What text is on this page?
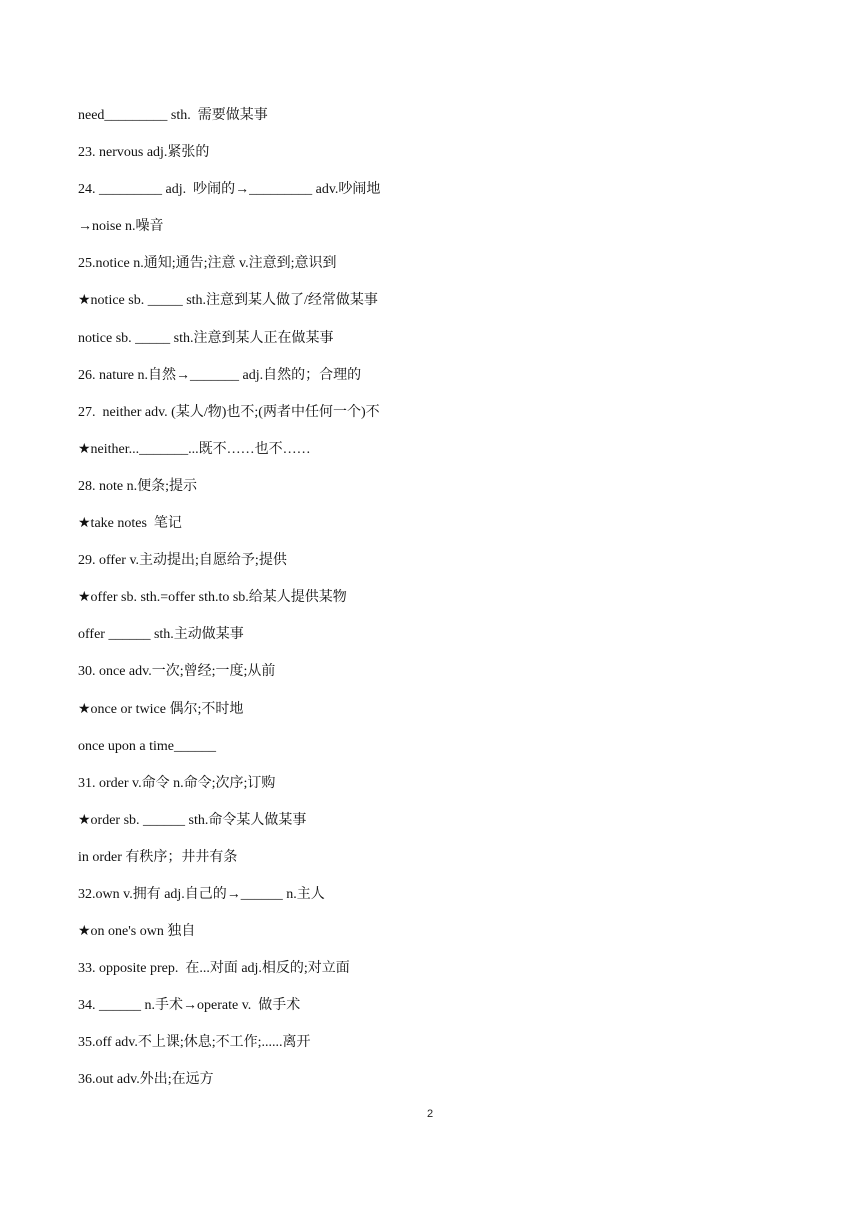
need_________ sth.  需要做某事
23. nervous adj.紧张的
24. _________ adj.  吵闹的→_________ adv.吵闹地
→noise n.噪音
25.notice n.通知;通告;注意 v.注意到;意识到
★notice sb. _____ sth.注意到某人做了/经常做某事
notice sb. _____ sth.注意到某人正在做某事
26. nature n.自然→_______ adj.自然的；合理的
27.  neither adv. (某人/物)也不;(两者中任何一个)不
★neither..._______...既不……也不……
28. note n.便条;提示
★take notes  笔记
29. offer v.主动提出;自愿给予;提供
★offer sb. sth.=offer sth.to sb.给某人提供某物
offer ______ sth.主动做某事
30. once adv.一次;曾经;一度;从前
★once or twice 偶尔;不时地
once upon a time______
31. order v.命令 n.命令;次序;订购
★order sb. ______ sth.命令某人做某事
in order 有秩序；井井有条
32.own v.拥有 adj.自己的→______ n.主人
★on one's own 独自
33. opposite prep.  在...对面 adj.相反的;对立面
34. ______ n.手术→operate v.  做手术
35.off adv.不上课;休息;不工作;......离开
36.out adv.外出;在远方
2
